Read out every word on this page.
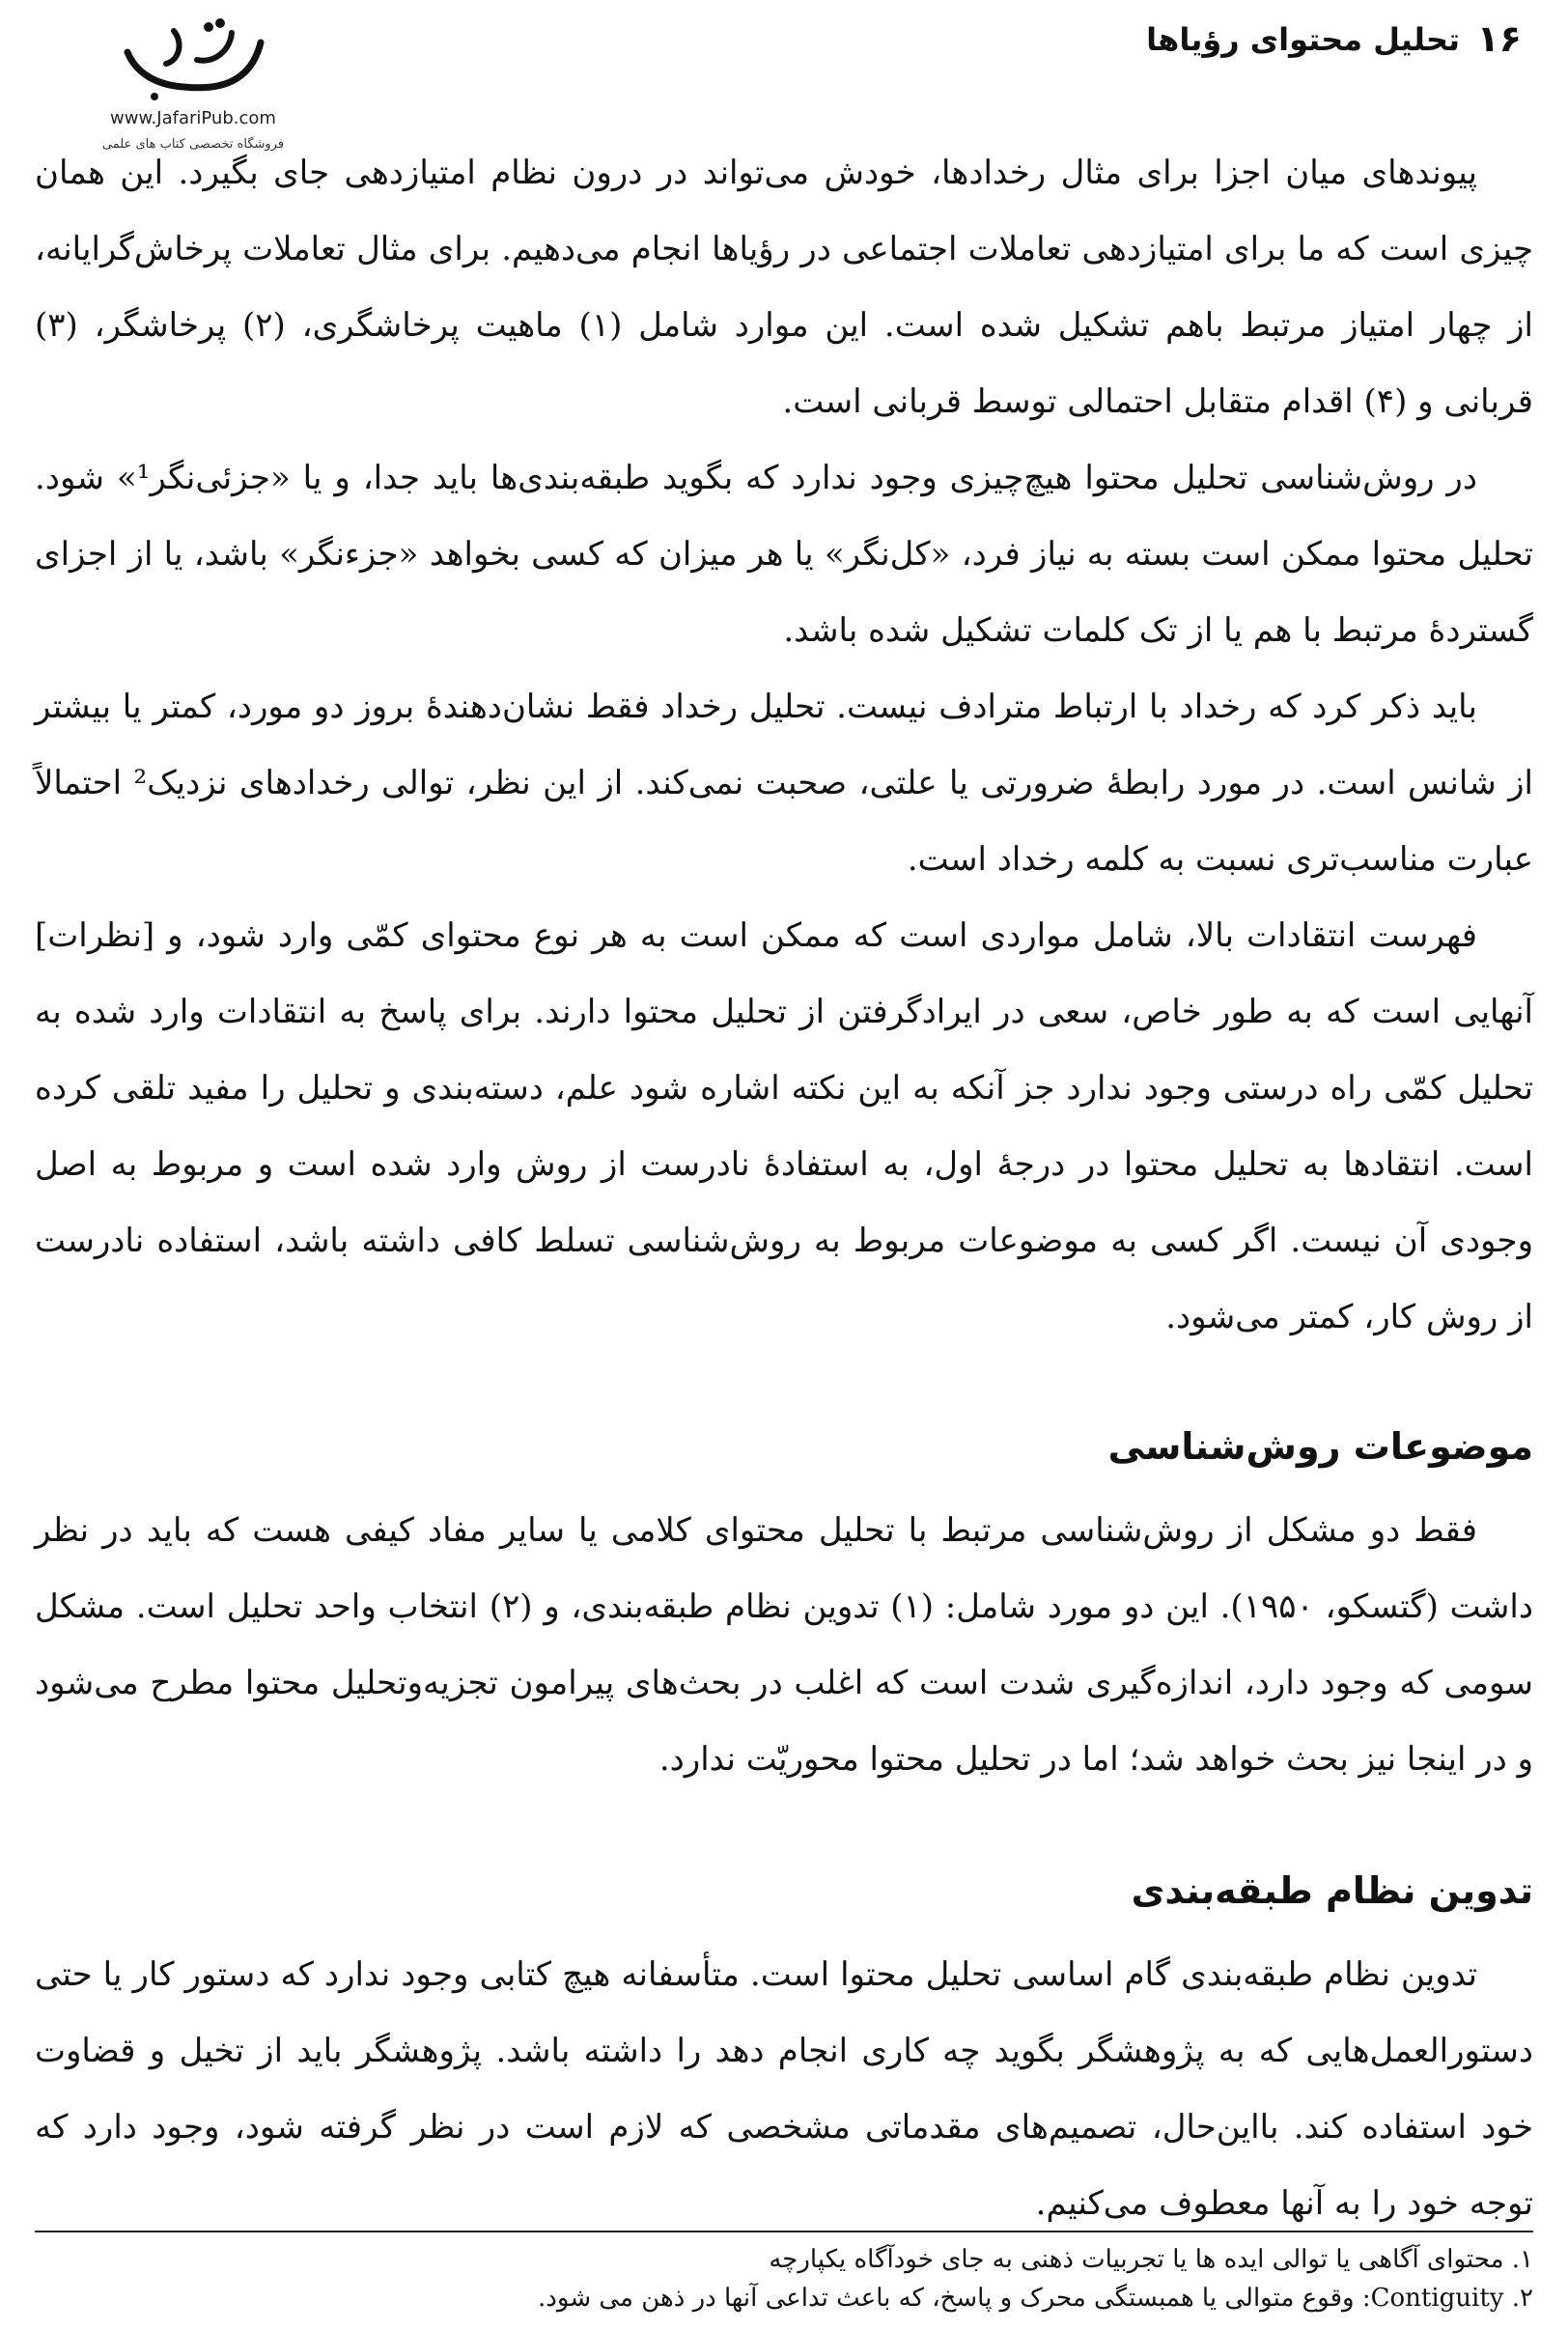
۱۶
تحلیل محتوای رؤیاها
www.JafariPub.com
فروشگاه تخصصی کتاب های علمی

پیوندهای میان اجزا برای مثال رخدادها، خودش می‌تواند در درون نظام امتیازدهی جای بگیرد. این همان چیزی است که ما برای امتیازدهی تعاملات اجتماعی در رؤیاها انجام می‌دهیم. برای مثال تعاملات پرخاش‌گرایانه، از چهار امتیاز مرتبط باهم تشکیل شده است. این موارد شامل (۱) ماهیت پرخاشگری، (۲) پرخاشگر، (۳) قربانی و (۴) اقدام متقابل احتمالی توسط قربانی است.

در روش‌شناسی تحلیل محتوا هیچ‌چیزی وجود ندارد که بگوید طبقه‌بندی‌ها باید جدا، و یا «جزئی‌نگر¹» شود. تحلیل محتوا ممکن است بسته به نیاز فرد، «کل‌نگر» یا هر میزان که کسی بخواهد «جزءنگر» باشد، یا از اجزای گستردهٔ مرتبط با هم یا از تک کلمات تشکیل شده باشد.

باید ذکر کرد که رخداد با ارتباط مترادف نیست. تحلیل رخداد فقط نشان‌دهندهٔ بروز دو مورد، کمتر یا بیشتر از شانس است. در مورد رابطهٔ ضرورتی یا علتی، صحبت نمی‌کند. از این نظر، توالی رخدادهای نزدیک² احتمالاً عبارت مناسب‌تری نسبت به کلمه رخداد است.

فهرست انتقادات بالا، شامل مواردی است که ممکن است به هر نوع محتوای کمّی وارد شود، و [نظرات] آنهایی است که به طور خاص، سعی در ایرادگرفتن از تحلیل محتوا دارند. برای پاسخ به انتقادات وارد شده به تحلیل کمّی راه درستی وجود ندارد جز آنکه به این نکته اشاره شود علم، دسته‌بندی و تحلیل را مفید تلقی کرده است. انتقادها به تحلیل محتوا در درجهٔ اول، به استفادهٔ نادرست از روش وارد شده است و مربوط به اصل وجودی آن نیست. اگر کسی به موضوعات مربوط به روش‌شناسی تسلط کافی داشته باشد، استفاده نادرست از روش کار، کمتر می‌شود.

موضوعات روش‌شناسی

فقط دو مشکل از روش‌شناسی مرتبط با تحلیل محتوای کلامی یا سایر مفاد کیفی هست که باید در نظر داشت (گتسکو، ۱۹۵۰). این دو مورد شامل: (۱) تدوین نظام طبقه‌بندی، و (۲) انتخاب واحد تحلیل است. مشکل سومی که وجود دارد، اندازه‌گیری شدت است که اغلب در بحث‌های پیرامون تجزیه‌وتحلیل محتوا مطرح می‌شود و در اینجا نیز بحث خواهد شد؛ اما در تحلیل محتوا محوریّت ندارد.

تدوین نظام طبقه‌بندی

تدوین نظام طبقه‌بندی گام اساسی تحلیل محتوا است. متأسفانه هیچ کتابی وجود ندارد که دستور کار یا حتی دستورالعمل‌هایی که به پژوهشگر بگوید چه کاری انجام دهد را داشته باشد. پژوهشگر باید از تخیل و قضاوت خود استفاده کند. بااین‌حال، تصمیم‌های مقدماتی مشخصی که لازم است در نظر گرفته شود، وجود دارد که توجه خود را به آنها معطوف می‌کنیم.

۱. محتوای آگاهی یا توالی ایده ها یا تجربیات ذهنی به جای خودآگاه یکپارچه

۲. Contiguity: وقوع متوالی یا همبستگی محرک و پاسخ، که باعث تداعی آنها در ذهن می شود.
